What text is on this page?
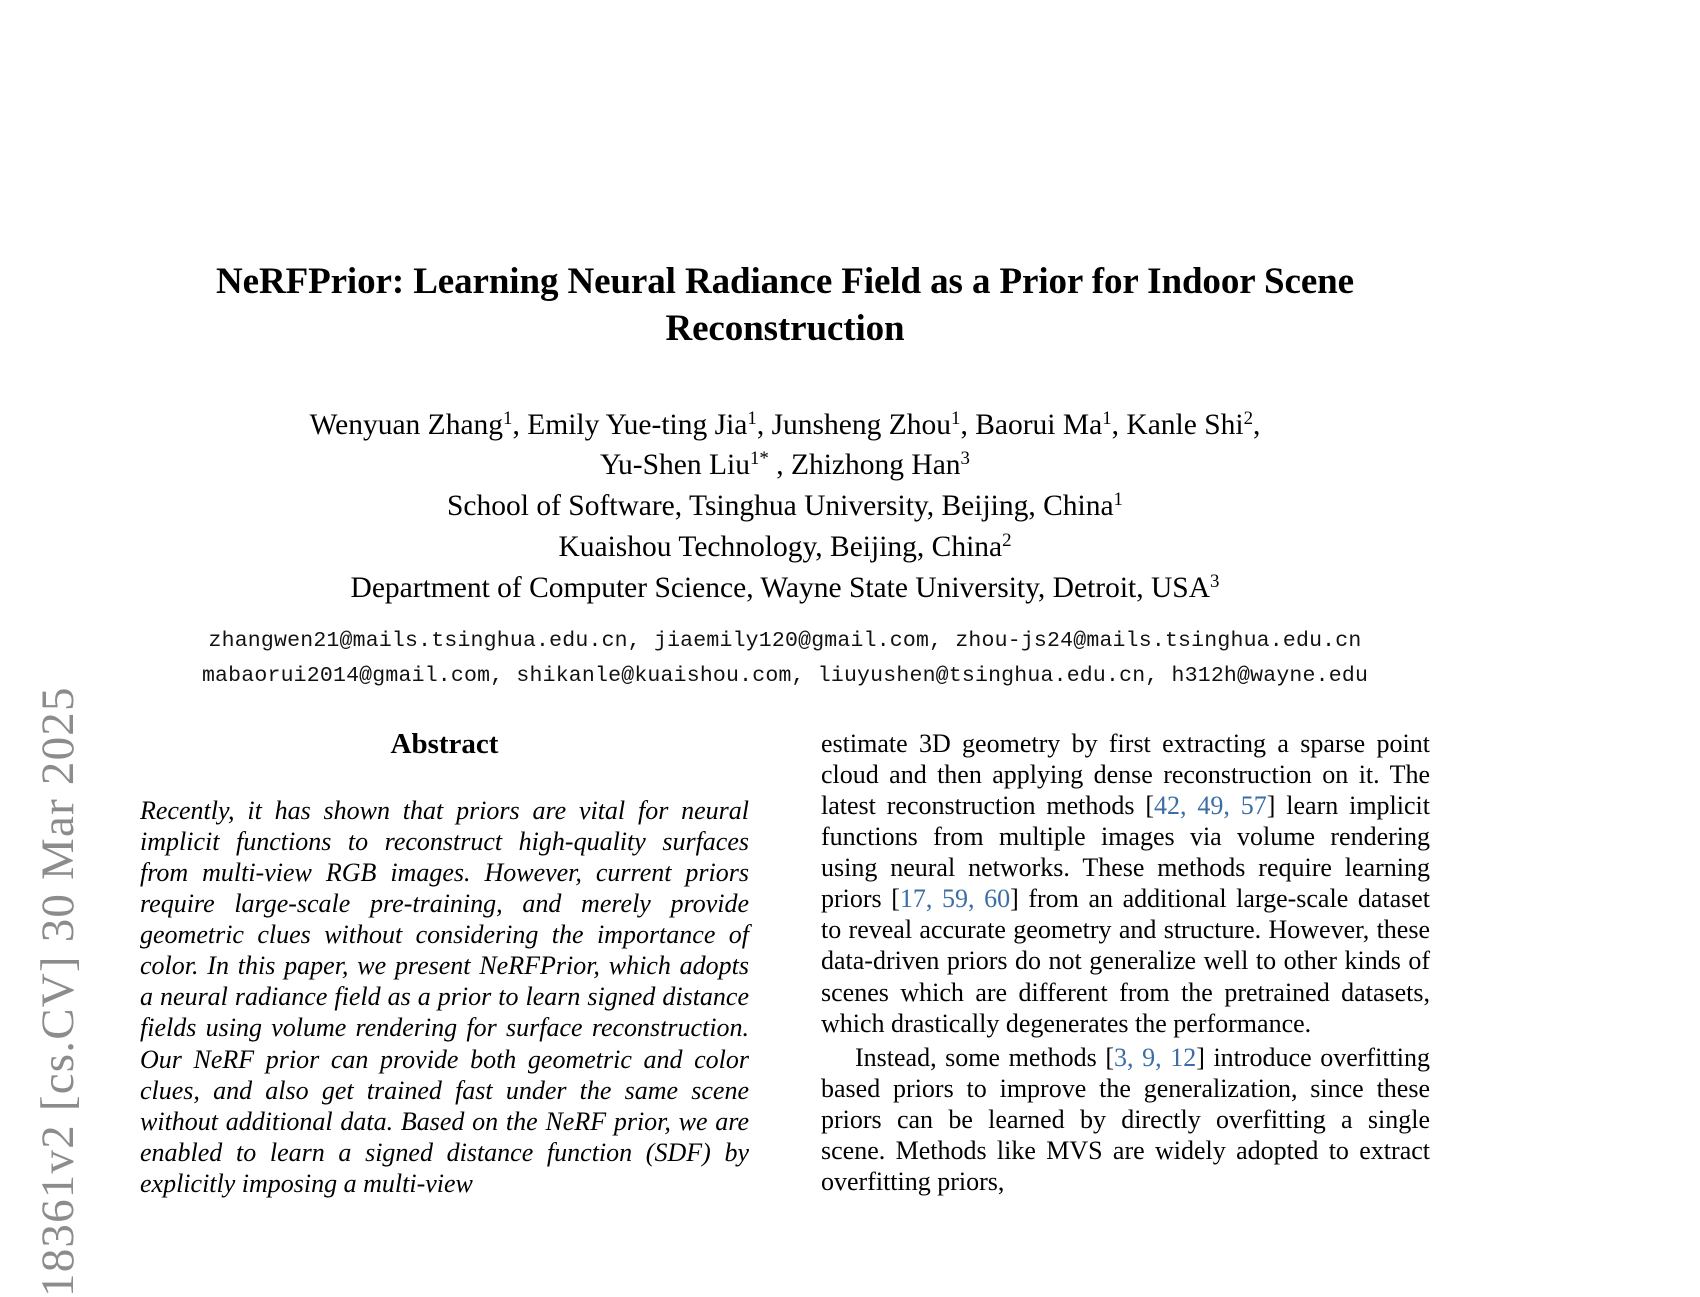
18361v2 [cs.CV] 30 Mar 2025
NeRFPrior: Learning Neural Radiance Field as a Prior for Indoor Scene Reconstruction
Wenyuan Zhang$^1$, Emily Yue-ting Jia$^1$, Junsheng Zhou$^1$, Baorui Ma$^1$, Kanle Shi$^2$,
Yu-Shen Liu$^{1*}$ , Zhizhong Han$^3$
School of Software, Tsinghua University, Beijing, China$^1$
Kuaishou Technology, Beijing, China$^2$
Department of Computer Science, Wayne State University, Detroit, USA$^3$
zhangwen21@mails.tsinghua.edu.cn, jiaemily120@gmail.com, zhou-js24@mails.tsinghua.edu.cn
mabaorui2014@gmail.com, shikanle@kuaishou.com, liuyushen@tsinghua.edu.cn, h312h@wayne.edu
Abstract

Recently, it has shown that priors are vital for neural implicit functions to reconstruct high-quality surfaces from multi-view RGB images. However, current priors require large-scale pre-training, and merely provide geometric clues without considering the importance of color. In this paper, we present NeRFPrior, which adopts a neural radiance field as a prior to learn signed distance fields using volume rendering for surface reconstruction. Our NeRF prior can provide both geometric and color clues, and also get trained fast under the same scene without additional data. Based on the NeRF prior, we are enabled to learn a signed distance function (SDF) by explicitly imposing a multi-view

estimate 3D geometry by first extracting a sparse point cloud and then applying dense reconstruction on it. The latest reconstruction methods [42, 49, 57] learn implicit functions from multiple images via volume rendering using neural networks. These methods require learning priors [17, 59, 60] from an additional large-scale dataset to reveal accurate geometry and structure. However, these data-driven priors do not generalize well to other kinds of scenes which are different from the pretrained datasets, which drastically degenerates the performance.

Instead, some methods [3, 9, 12] introduce overfitting based priors to improve the generalization, since these priors can be learned by directly overfitting a single scene. Methods like MVS are widely adopted to extract overfitting priors,
